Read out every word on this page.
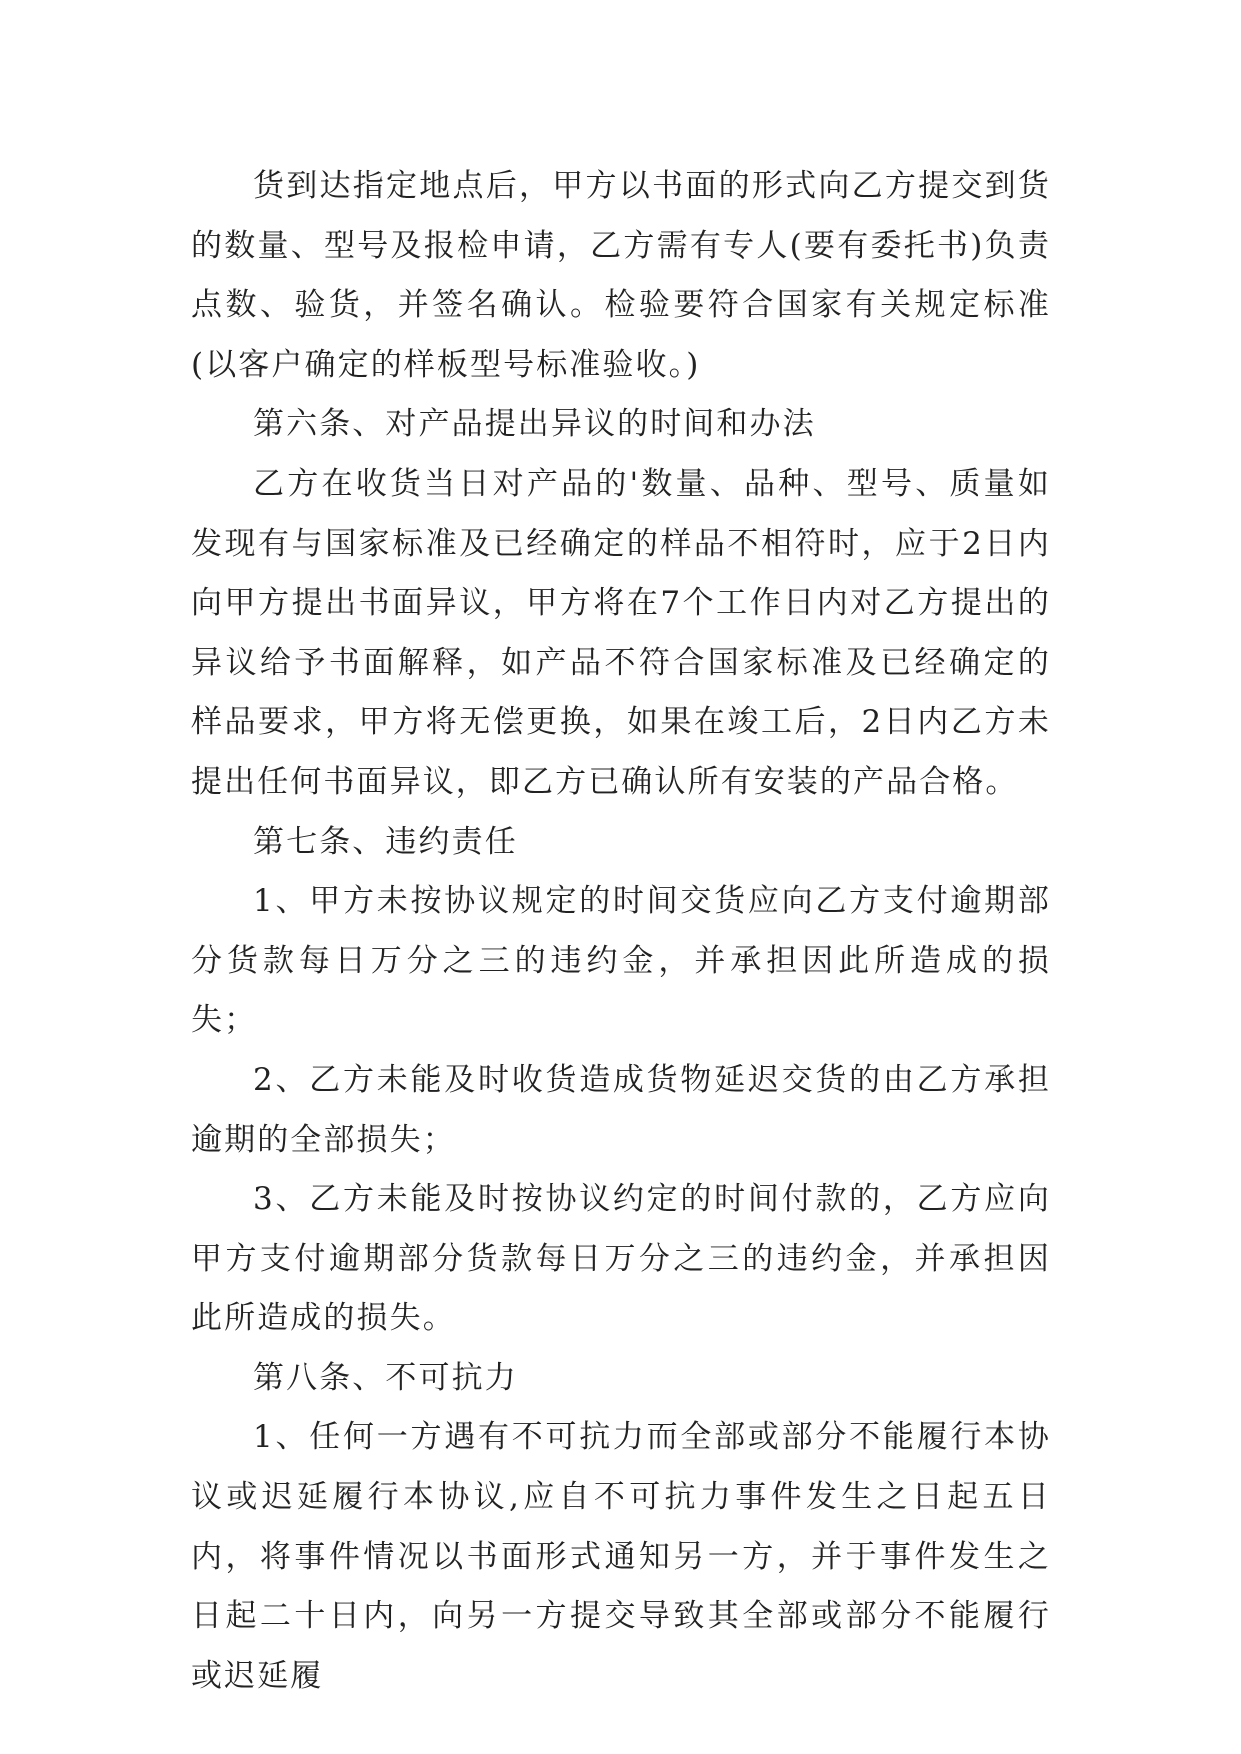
货到达指定地点后，甲方以书面的形式向乙方提交到货的数量、型号及报检申请，乙方需有专人(要有委托书)负责点数、验货，并签名确认。检验要符合国家有关规定标准(以客户确定的样板型号标准验收。)

第六条、对产品提出异议的时间和办法

乙方在收货当日对产品的'数量、品种、型号、质量如发现有与国家标准及已经确定的样品不相符时，应于2日内向甲方提出书面异议，甲方将在7个工作日内对乙方提出的异议给予书面解释，如产品不符合国家标准及已经确定的样品要求，甲方将无偿更换，如果在竣工后，2日内乙方未提出任何书面异议，即乙方已确认所有安装的产品合格。

第七条、违约责任

1、甲方未按协议规定的时间交货应向乙方支付逾期部分货款每日万分之三的违约金，并承担因此所造成的损失；

2、乙方未能及时收货造成货物延迟交货的由乙方承担逾期的全部损失；

3、乙方未能及时按协议约定的时间付款的，乙方应向甲方支付逾期部分货款每日万分之三的违约金，并承担因此所造成的损失。

第八条、不可抗力

1、任何一方遇有不可抗力而全部或部分不能履行本协议或迟延履行本协议,应自不可抗力事件发生之日起五日内，将事件情况以书面形式通知另一方，并于事件发生之日起二十日内，向另一方提交导致其全部或部分不能履行或迟延履
